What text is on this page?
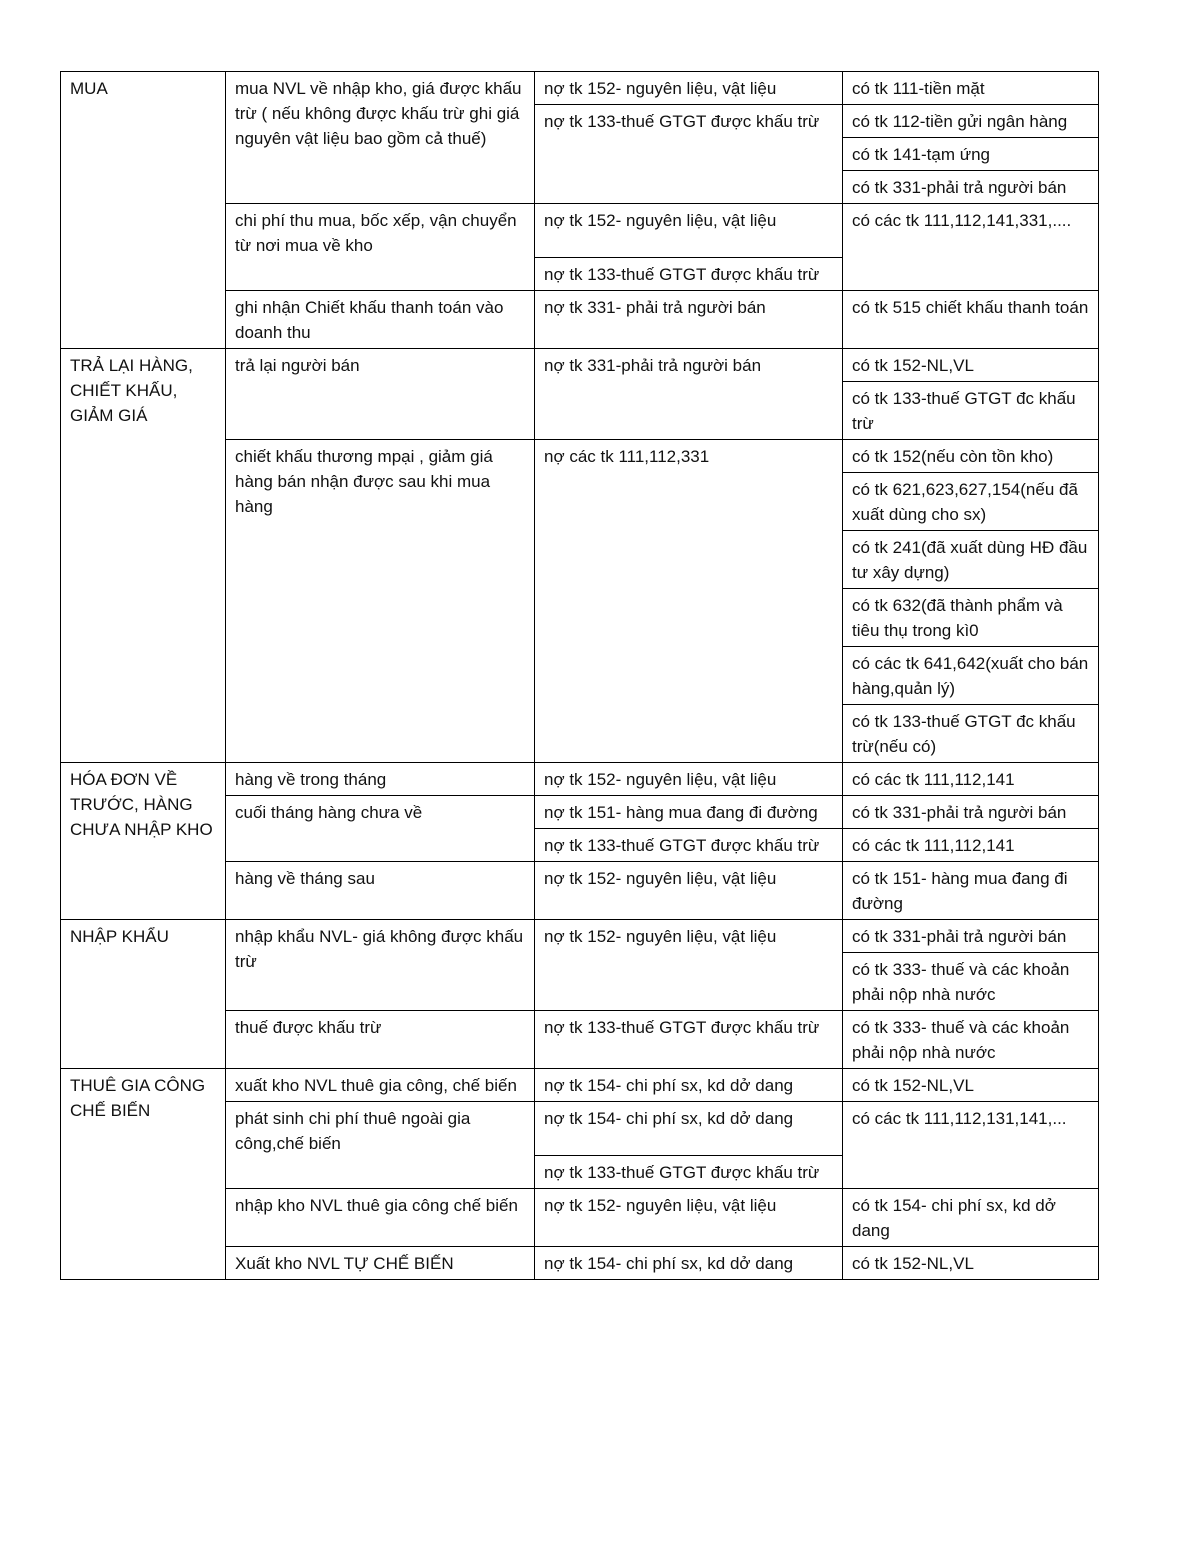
MUA	mua NVL về nhập kho, giá được khấu trừ ( nếu không được khấu trừ ghi giá nguyên vật liệu bao gồm cả thuế)	nợ tk 152- nguyên liệu, vật liệu	có tk 111-tiền mặt
		nợ tk 133-thuế GTGT được khấu trừ	có tk 112-tiền gửi ngân hàng
			có tk 141-tạm ứng
			có tk 331-phải trả người bán
	chi phí thu mua, bốc xếp, vận chuyển từ nơi mua về kho	nợ tk 152- nguyên liệu, vật liệu	có các tk 111,112,141,331,....
		nợ tk 133-thuế GTGT được khấu trừ	
	ghi nhận Chiết khấu thanh toán vào doanh thu	nợ tk 331- phải trả người bán	có tk 515 chiết khấu thanh toán
TRẢ LẠI HÀNG, CHIẾT KHẤU, GIẢM GIÁ	trả lại người bán	nợ tk 331-phải trả người bán	có tk 152-NL,VL
			có tk 133-thuế GTGT đc khấu trừ
	chiết khấu thương mpại , giảm giá hàng bán nhận được sau khi mua hàng	nợ các tk 111,112,331	có tk 152(nếu còn tồn kho)
			có tk 621,623,627,154(nếu đã xuất dùng cho sx)
			có tk 241(đã xuất dùng HĐ đầu tư xây dựng)
			có tk 632(đã thành phẩm và tiêu thụ trong kì0
			có các tk 641,642(xuất cho bán hàng,quản lý)
			có tk 133-thuế GTGT đc khấu trừ(nếu có)
HÓA ĐƠN VỀ TRƯỚC, HÀNG CHƯA NHẬP KHO	hàng về trong tháng	nợ tk 152- nguyên liệu, vật liệu	có các tk 111,112,141
	cuối tháng hàng chưa về	nợ tk 151- hàng mua đang đi đường	có tk 331-phải trả người bán
		nợ tk 133-thuế GTGT được khấu trừ	có các tk 111,112,141
	hàng về tháng sau	nợ tk 152- nguyên liệu, vật liệu	có tk 151- hàng mua đang đi đường
NHẬP KHẨU	nhập khẩu NVL- giá không được khấu trừ	nợ tk 152- nguyên liệu, vật liệu	có tk 331-phải trả người bán
			có tk 333- thuế và các khoản phải nộp nhà nước
	thuế được khấu trừ	nợ tk 133-thuế GTGT được khấu trừ	có tk 333- thuế và các khoản phải nộp nhà nước
THUÊ GIA CÔNG CHẾ BIẾN	xuất kho NVL thuê gia công, chế biến	nợ tk 154- chi phí sx, kd dở dang	có tk 152-NL,VL
	phát sinh chi phí thuê ngoài gia công,chế biến	nợ tk 154- chi phí sx, kd dở dang	có các tk 111,112,131,141,...
		nợ tk 133-thuế GTGT được khấu trừ	
	nhập kho NVL thuê gia công chế biến	nợ tk 152- nguyên liệu, vật liệu	có tk 154- chi phí sx, kd dở dang
	Xuất kho NVL TỰ CHẾ BIẾN	nợ tk 154- chi phí sx, kd dở dang	có tk 152-NL,VL
